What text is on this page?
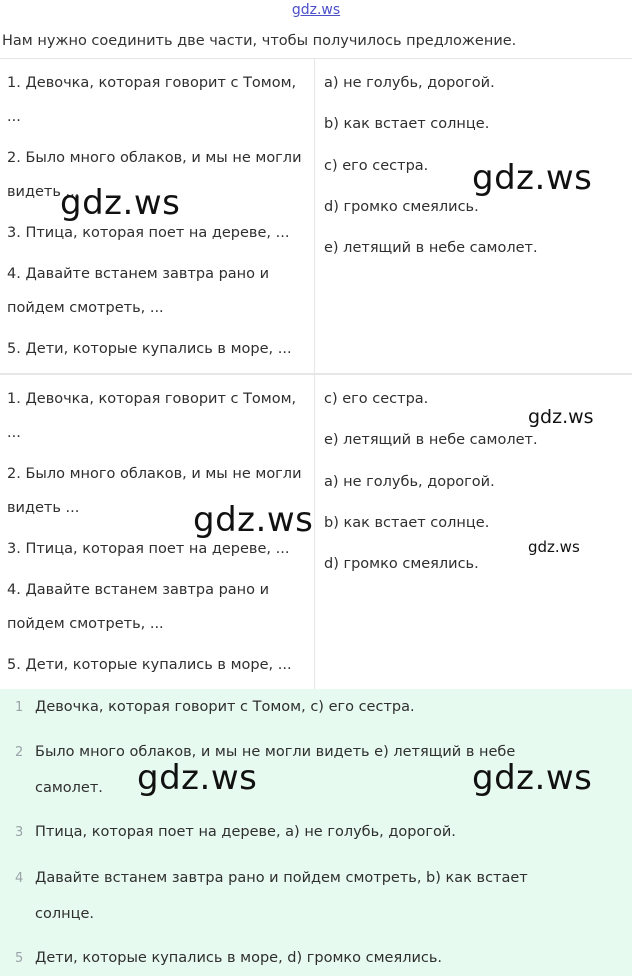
gdz.ws
Нам нужно соединить две части, чтобы получилось предложение.
1. Девочка, которая говорит с Томом,
...
2. Было много облаков, и мы не могли
видеть ...
3. Птица, которая поет на дереве, ...
4. Давайте встанем завтра рано и
пойдем смотреть, ...
5. Дети, которые купались в море, ...
a) не голубь, дорогой.
b) как встает солнце.
c) его сестра.
d) громко смеялись.
e) летящий в небе самолет.
1. Девочка, которая говорит с Томом,
...
2. Было много облаков, и мы не могли
видеть ...
3. Птица, которая поет на дереве, ...
4. Давайте встанем завтра рано и
пойдем смотреть, ...
5. Дети, которые купались в море, ...
c) его сестра.
e) летящий в небе самолет.
a) не голубь, дорогой.
b) как встает солнце.
d) громко смеялись.
1 Девочка, которая говорит с Томом, c) его сестра.
2 Было много облаков, и мы не могли видеть e) летящий в небе
самолет.
3 Птица, которая поет на дереве, a) не голубь, дорогой.
4 Давайте встанем завтра рано и пойдем смотреть, b) как встает
солнце.
5 Дети, которые купались в море, d) громко смеялись.
gdz.ws
gdz.ws
gdz.ws
gdz.ws
gdz.ws
gdz.ws	gdz.ws
